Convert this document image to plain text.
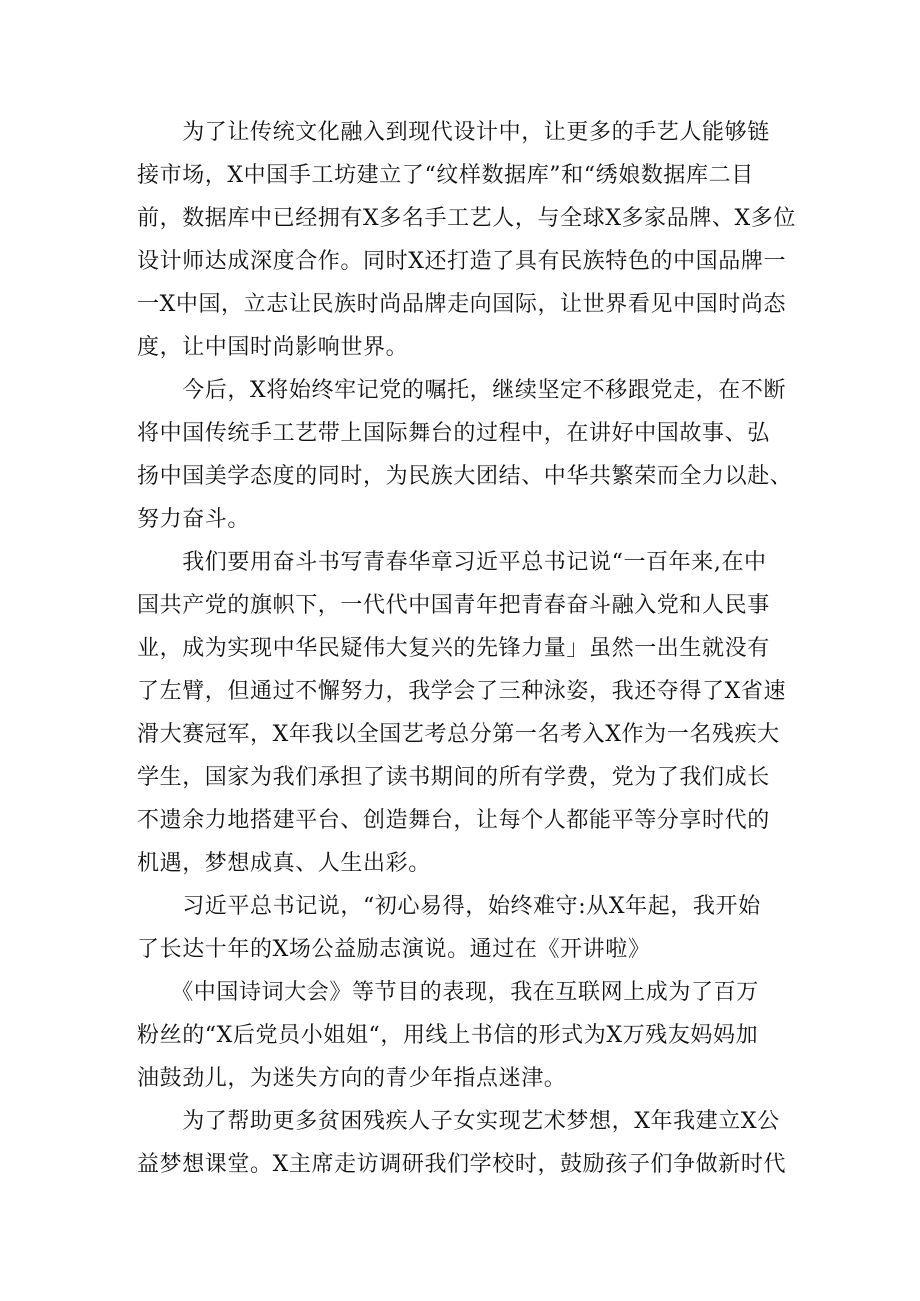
　　为了让传统文化融入到现代设计中，让更多的手艺人能够链
接市场，X中国手工坊建立了“纹样数据库”和“绣娘数据库二目
前，数据库中已经拥有X多名手工艺人，与全球X多家品牌、X多位
设计师达成深度合作。同时X还打造了具有民族特色的中国品牌一
一X中国，立志让民族时尚品牌走向国际，让世界看见中国时尚态
度，让中国时尚影响世界。
　　今后，X将始终牢记党的嘱托，继续坚定不移跟党走，在不断
将中国传统手工艺带上国际舞台的过程中，在讲好中国故事、弘
扬中国美学态度的同时，为民族大团结、中华共繁荣而全力以赴、
努力奋斗。
　　我们要用奋斗书写青春华章习近平总书记说“一百年来,在中
国共产党的旗帜下，一代代中国青年把青春奋斗融入党和人民事
业，成为实现中华民疑伟大复兴的先锋力量」虽然一出生就没有
了左臂，但通过不懈努力，我学会了三种泳姿，我还夺得了X省速
滑大赛冠军，X年我以全国艺考总分第一名考入X作为一名残疾大
学生，国家为我们承担了读书期间的所有学费，党为了我们成长
不遗余力地搭建平台、创造舞台，让每个人都能平等分享时代的
机遇，梦想成真、人生出彩。
　　习近平总书记说，“初心易得，始终难守:从X年起，我开始
了长达十年的X场公益励志演说。通过在《开讲啦》
　　《中国诗词大会》等节目的表现，我在互联网上成为了百万
粉丝的“X后党员小姐姐“，用线上书信的形式为X万残友妈妈加
油鼓劲儿，为迷失方向的青少年指点迷津。
　　为了帮助更多贫困残疾人子女实现艺术梦想，X年我建立X公
益梦想课堂。X主席走访调研我们学校时，鼓励孩子们争做新时代
